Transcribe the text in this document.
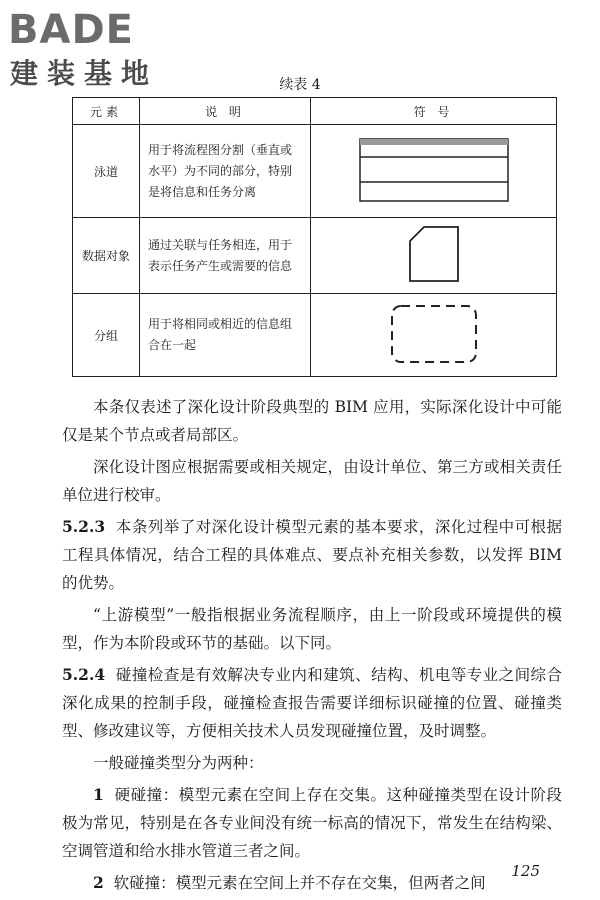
BADE
建装基地	续表 4
元素	说 明	符 号
泳道	用于将流程图分割（垂直或水平）为不同的部分，特别是将信息和任务分离

数据对象	通过关联与任务相连，用于表示任务产生或需要的信息

分组	用于将相同或相近的信息组合在一起

本条仅表述了深化设计阶段典型的 BIM 应用，实际深化设计中可能仅是某个节点或者局部区。

深化设计图应根据需要或相关规定，由设计单位、第三方或相关责任单位进行校审。

5.2.3 本条列举了对深化设计模型元素的基本要求，深化过程中可根据工程具体情况，结合工程的具体难点、要点补充相关参数，以发挥 BIM 的优势。

“上游模型”一般指根据业务流程顺序，由上一阶段或环境提供的模型，作为本阶段或环节的基础。以下同。

5.2.4 碰撞检查是有效解决专业内和建筑、结构、机电等专业之间综合深化成果的控制手段，碰撞检查报告需要详细标识碰撞的位置、碰撞类型、修改建议等，方便相关技术人员发现碰撞位置，及时调整。

一般碰撞类型分为两种：

1 硬碰撞：模型元素在空间上存在交集。这种碰撞类型在设计阶段极为常见，特别是在各专业间没有统一标高的情况下，常发生在结构梁、空调管道和给水排水管道三者之间。

2 软碰撞：模型元素在空间上并不存在交集，但两者之间

125
